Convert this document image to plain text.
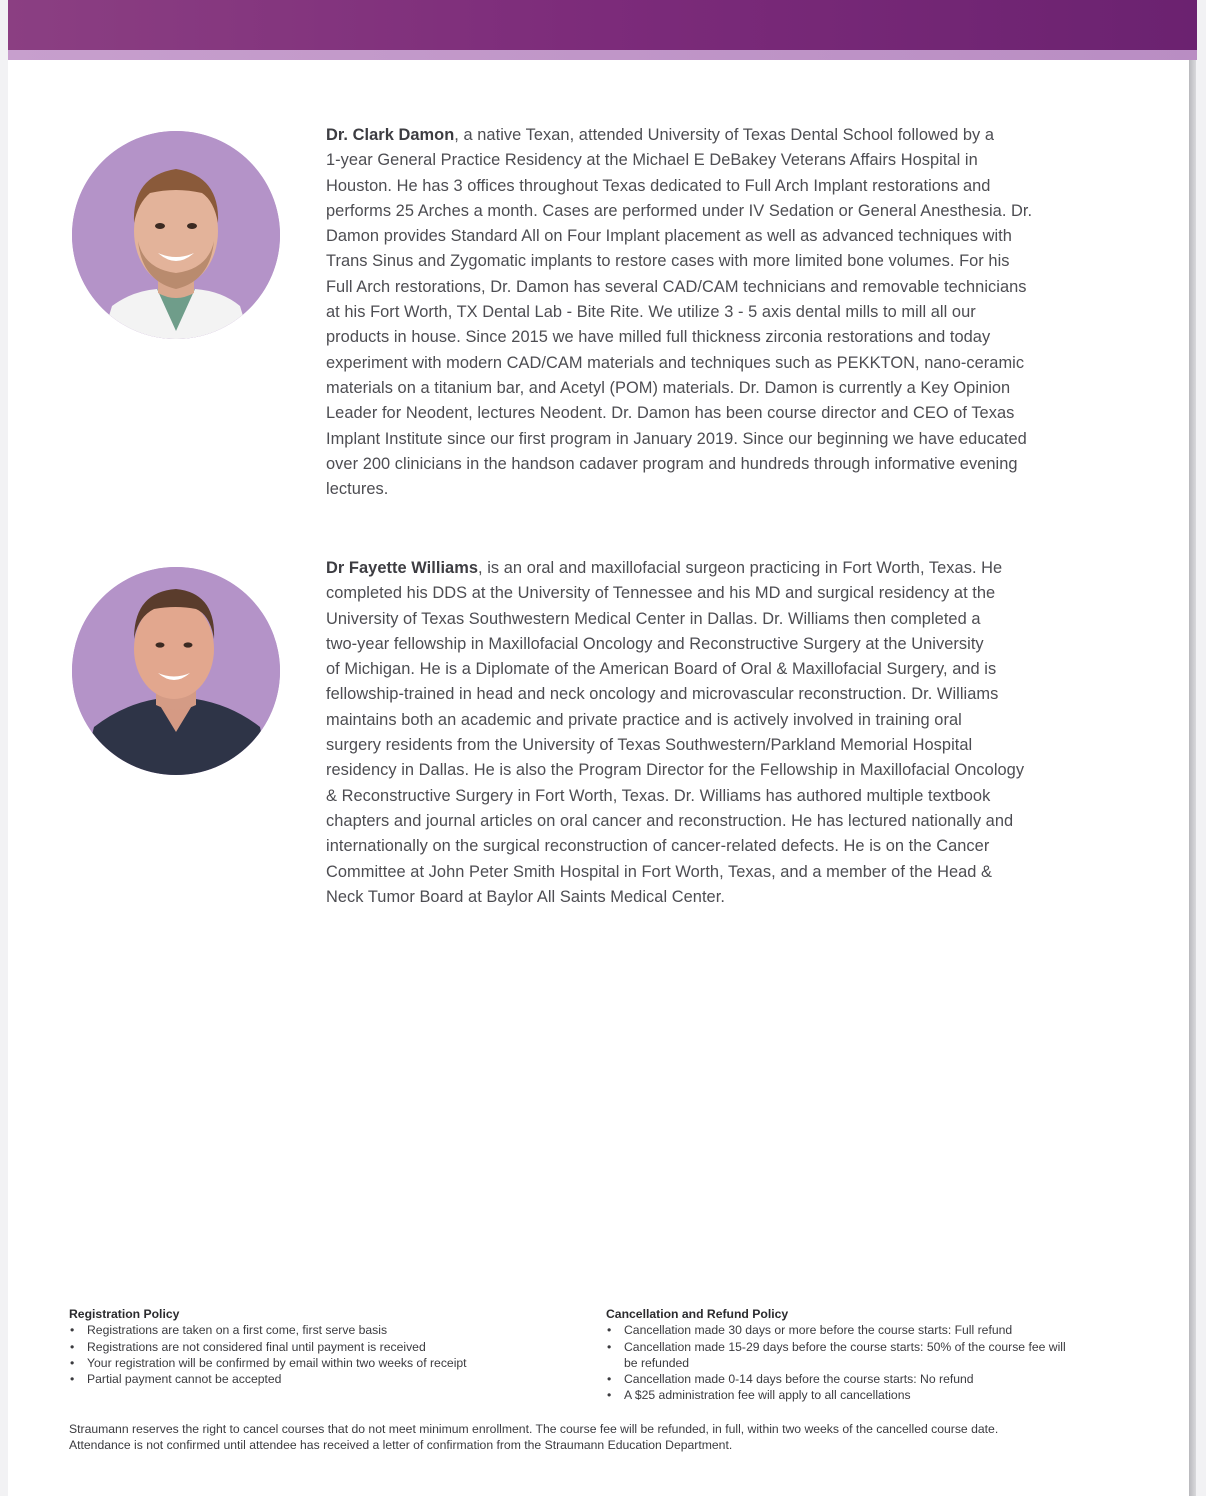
Dr. Clark Damon, a native Texan, attended University of Texas Dental School followed by a
1-year General Practice Residency at the Michael E DeBakey Veterans Affairs Hospital in
Houston. He has 3 offices throughout Texas dedicated to Full Arch Implant restorations and
performs 25 Arches a month. Cases are performed under IV Sedation or General Anesthesia. Dr.
Damon provides Standard All on Four Implant placement as well as advanced techniques with
Trans Sinus and Zygomatic implants to restore cases with more limited bone volumes. For his
Full Arch restorations, Dr. Damon has several CAD/CAM technicians and removable technicians
at his Fort Worth, TX Dental Lab - Bite Rite. We utilize 3 - 5 axis dental mills to mill all our
products in house. Since 2015 we have milled full thickness zirconia restorations and today
experiment with modern CAD/CAM materials and techniques such as PEKKTON, nano-ceramic
materials on a titanium bar, and Acetyl (POM) materials. Dr. Damon is currently a Key Opinion
Leader for Neodent, lectures Neodent. Dr. Damon has been course director and CEO of Texas
Implant Institute since our first program in January 2019. Since our beginning we have educated
over 200 clinicians in the handson cadaver program and hundreds through informative evening
lectures.
Dr Fayette Williams, is an oral and maxillofacial surgeon practicing in Fort Worth, Texas. He
completed his DDS at the University of Tennessee and his MD and surgical residency at the
University of Texas Southwestern Medical Center in Dallas. Dr. Williams then completed a
two-year fellowship in Maxillofacial Oncology and Reconstructive Surgery at the University
of Michigan. He is a Diplomate of the American Board of Oral & Maxillofacial Surgery, and is
fellowship-trained in head and neck oncology and microvascular reconstruction. Dr. Williams
maintains both an academic and private practice and is actively involved in training oral
surgery residents from the University of Texas Southwestern/Parkland Memorial Hospital
residency in Dallas. He is also the Program Director for the Fellowship in Maxillofacial Oncology
& Reconstructive Surgery in Fort Worth, Texas. Dr. Williams has authored multiple textbook
chapters and journal articles on oral cancer and reconstruction. He has lectured nationally and
internationally on the surgical reconstruction of cancer-related defects. He is on the Cancer
Committee at John Peter Smith Hospital in Fort Worth, Texas, and a member of the Head &
Neck Tumor Board at Baylor All Saints Medical Center.
Registration Policy
• Registrations are taken on a first come, first serve basis
• Registrations are not considered final until payment is received
• Your registration will be confirmed by email within two weeks of receipt
• Partial payment cannot be accepted
Cancellation and Refund Policy
• Cancellation made 30 days or more before the course starts: Full refund
• Cancellation made 15-29 days before the course starts: 50% of the course fee will be refunded
• Cancellation made 0-14 days before the course starts: No refund
• A $25 administration fee will apply to all cancellations
Straumann reserves the right to cancel courses that do not meet minimum enrollment. The course fee will be refunded, in full, within two weeks of the cancelled course date.
Attendance is not confirmed until attendee has received a letter of confirmation from the Straumann Education Department.
